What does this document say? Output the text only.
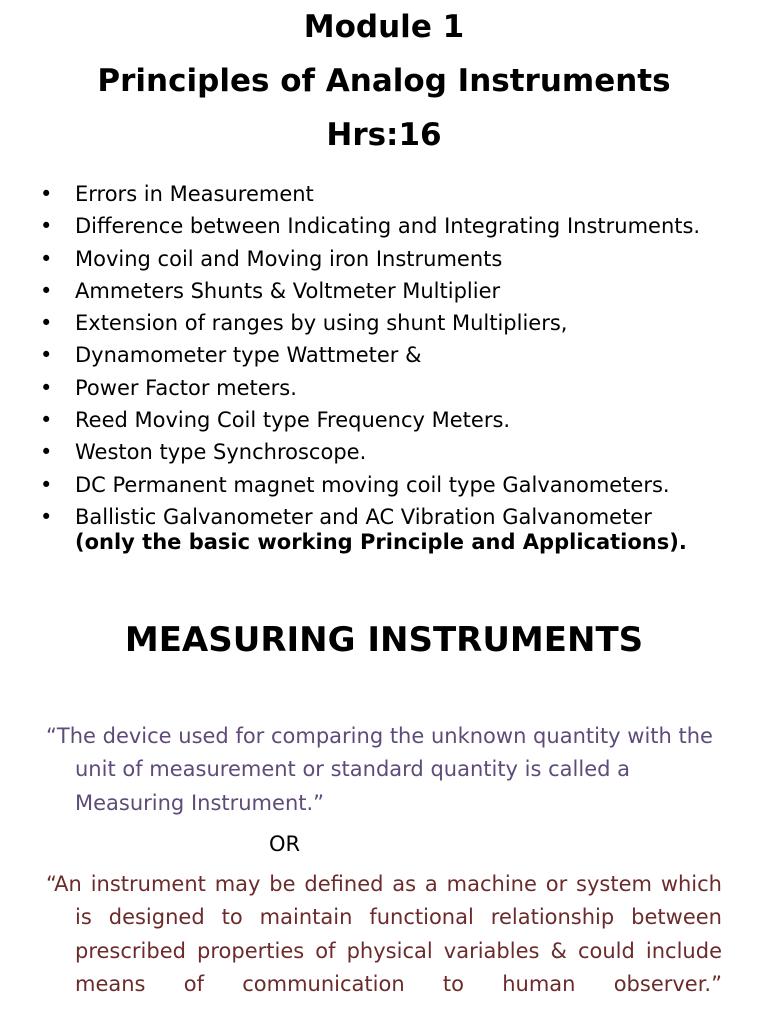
Module 1
Principles of Analog Instruments
Hrs:16
• Errors in Measurement
• Difference between Indicating and Integrating Instruments.
• Moving coil and Moving iron Instruments
• Ammeters Shunts & Voltmeter Multiplier
• Extension of ranges by using shunt Multipliers,
• Dynamometer type Wattmeter &
• Power Factor meters.
• Reed Moving Coil type Frequency Meters.
• Weston type Synchroscope.
• DC Permanent magnet moving coil type Galvanometers.
• Ballistic Galvanometer and AC Vibration Galvanometer
(only the basic working Principle and Applications).
MEASURING INSTRUMENTS
“The device used for comparing the unknown quantity with the unit of measurement or standard quantity is called a Measuring Instrument.”
OR
“An instrument may be defined as a machine or system which is designed to maintain functional relationship between prescribed properties of physical variables & could include means of communication to human observer.”
